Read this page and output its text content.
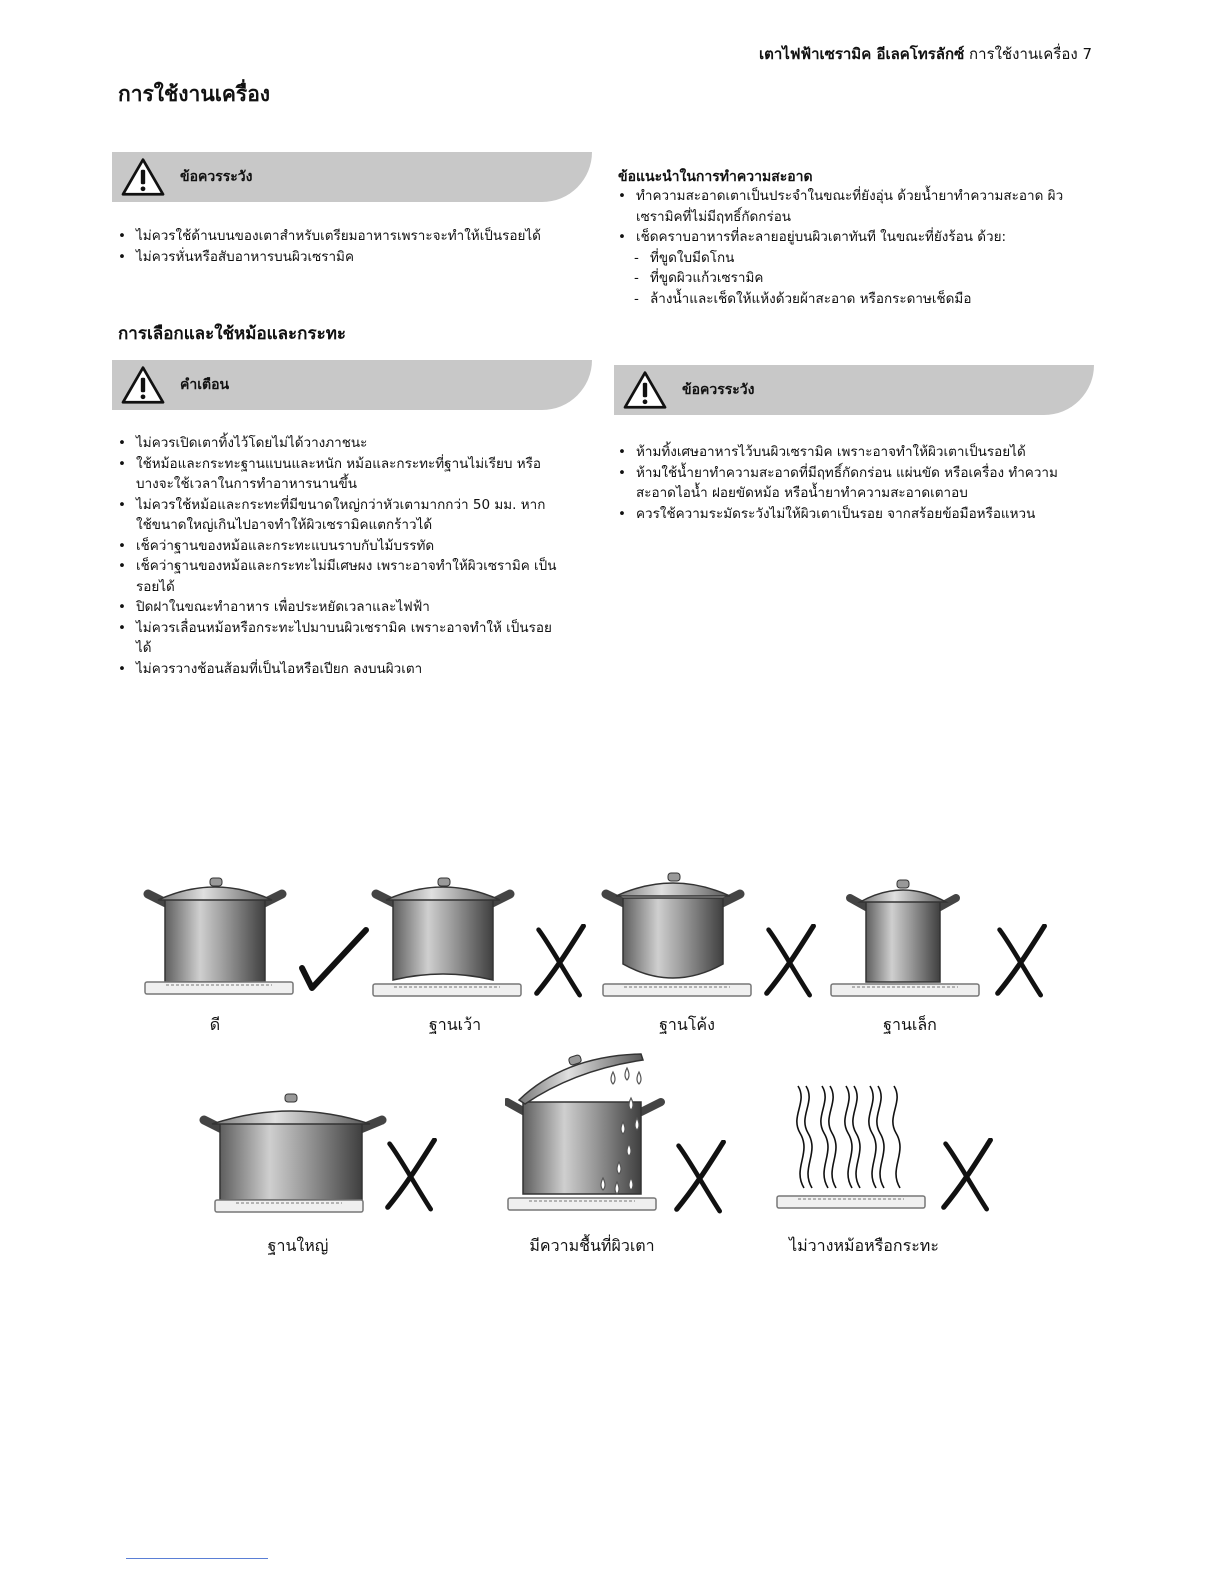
เตาไฟฟ้าเซรามิค อีเลคโทรลักซ์ การใช้งานเครื่อง 7
การใช้งานเครื่อง
ข้อควรระวัง
• ไม่ควรใช้ด้านบนของเตาสำหรับเตรียมอาหารเพราะจะทำให้เป็นรอยได้
• ไม่ควรหั่นหรือสับอาหารบนผิวเซรามิค
การเลือกและใช้หม้อและกระทะ
คำเตือน
• ไม่ควรเปิดเตาทิ้งไว้โดยไม่ได้วางภาชนะ
• ใช้หม้อและกระทะฐานแบนและหนัก หม้อและกระทะที่ฐานไม่เรียบ หรือบางจะใช้เวลาในการทำอาหารนานขึ้น
• ไม่ควรใช้หม้อและกระทะที่มีขนาดใหญ่กว่าหัวเตามากกว่า 50 มม. หากใช้ขนาดใหญ่เกินไปอาจทำให้ผิวเซรามิคแตกร้าวได้
• เช็คว่าฐานของหม้อและกระทะแบนราบกับไม้บรรทัด
• เช็คว่าฐานของหม้อและกระทะไม่มีเศษผง เพราะอาจทำให้ผิวเซรามิค เป็นรอยได้
• ปิดฝาในขณะทำอาหาร เพื่อประหยัดเวลาและไฟฟ้า
• ไม่ควรเลื่อนหม้อหรือกระทะไปมาบนผิวเซรามิค เพราะอาจทำให้ เป็นรอยได้
• ไม่ควรวางช้อนส้อมที่เป็นไอหรือเปียก ลงบนผิวเตา
ข้อแนะนำในการทำความสะอาด
• ทำความสะอาดเตาเป็นประจำในขณะที่ยังอุ่น ด้วยน้ำยาทำความสะอาด ผิวเซรามิคที่ไม่มีฤทธิ์กัดกร่อน
• เช็ดคราบอาหารที่ละลายอยู่บนผิวเตาทันที ในขณะที่ยังร้อน ด้วย:
- ที่ขูดใบมีดโกน
- ที่ขูดผิวแก้วเซรามิค
- ล้างน้ำและเช็ดให้แห้งด้วยผ้าสะอาด หรือกระดาษเช็ดมือ
ข้อควรระวัง
• ห้ามทิ้งเศษอาหารไว้บนผิวเซรามิค เพราะอาจทำให้ผิวเตาเป็นรอยได้
• ห้ามใช้น้ำยาทำความสะอาดที่มีฤทธิ์กัดกร่อน แผ่นขัด หรือเครื่อง ทำความสะอาดไอน้ำ ฝอยขัดหม้อ หรือน้ำยาทำความสะอาดเตาอบ
• ควรใช้ความระมัดระวังไม่ให้ผิวเตาเป็นรอย จากสร้อยข้อมือหรือแหวน
ดี	ฐานเว้า	ฐานโค้ง	ฐานเล็ก
ฐานใหญ่	มีความชื้นที่ผิวเตา	ไม่วางหม้อหรือกระทะ
